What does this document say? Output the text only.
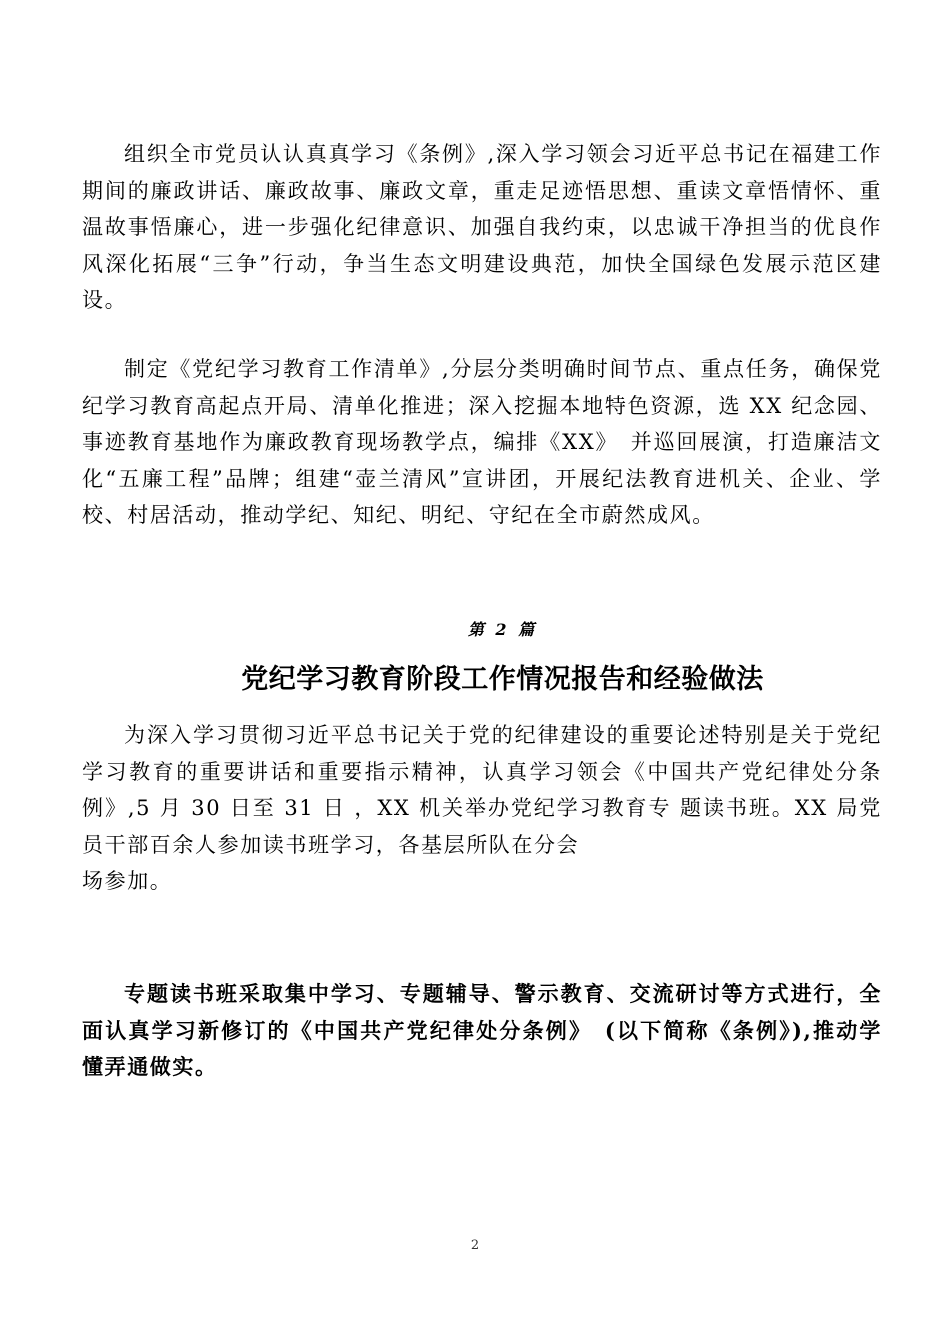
组织全市党员认认真真学习《条例》,深入学习领会习近平总书记在福建工作期间的廉政讲话、廉政故事、廉政文章，重走足迹悟思想、重读文章悟情怀、重温故事悟廉心，进一步强化纪律意识、加强自我约束，以忠诚干净担当的优良作风深化拓展“三争”行动，争当生态文明建设典范，加快全国绿色发展示范区建设。

制定《党纪学习教育工作清单》,分层分类明确时间节点、重点任务，确保党纪学习教育高起点开局、清单化推进；深入挖掘本地特色资源，选 XX 纪念园、事迹教育基地作为廉政教育现场教学点，编排《XX》　并巡回展演，打造廉洁文化“五廉工程”品牌；组建“壶兰清风”宣讲团，开展纪法教育进机关、企业、学校、村居活动，推动学纪、知纪、明纪、守纪在全市蔚然成风。

第 2 篇
党纪学习教育阶段工作情况报告和经验做法

为深入学习贯彻习近平总书记关于党的纪律建设的重要论述特别是关于党纪学习教育的重要讲话和重要指示精神，认真学习领会《中国共产党纪律处分条例》,5 月 30 日至 31 日 ，XX 机关举办党纪学习教育专 题读书班。XX 局党员干部百余人参加读书班学习，各基层所队在分会
场参加。

专题读书班采取集中学习、专题辅导、警示教育、交流研讨等方式进行，全面认真学习新修订的《中国共产党纪律处分条例》　(以下简称《条例》),推动学懂弄通做实。

2
